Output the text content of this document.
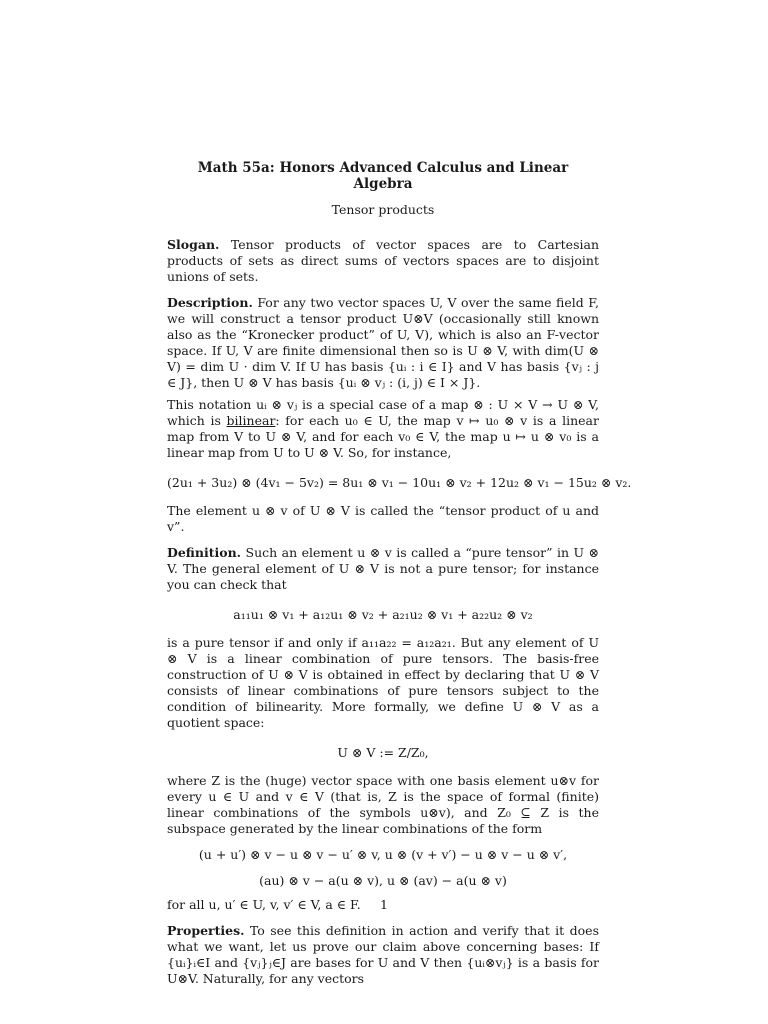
Math 55a: Honors Advanced Calculus and Linear Algebra

Tensor products

Slogan. Tensor products of vector spaces are to Cartesian products of sets as direct sums of vectors spaces are to disjoint unions of sets.

Description. For any two vector spaces U, V over the same field F, we will construct a tensor product U⊗V (occasionally still known also as the “Kronecker product” of U, V), which is also an F-vector space. If U, V are finite dimensional then so is U ⊗ V, with dim(U ⊗ V) = dim U · dim V. If U has basis {uᵢ : i ∈ I} and V has basis {vⱼ : j ∈ J}, then U ⊗ V has basis {uᵢ ⊗ vⱼ : (i, j) ∈ I × J}.

This notation uᵢ ⊗ vⱼ is a special case of a map ⊗ : U × V → U ⊗ V, which is bilinear: for each u₀ ∈ U, the map v ↦ u₀ ⊗ v is a linear map from V to U ⊗ V, and for each v₀ ∈ V, the map u ↦ u ⊗ v₀ is a linear map from U to U ⊗ V. So, for instance,

(2u₁ + 3u₂) ⊗ (4v₁ − 5v₂) = 8u₁ ⊗ v₁ − 10u₁ ⊗ v₂ + 12u₂ ⊗ v₁ − 15u₂ ⊗ v₂.

The element u ⊗ v of U ⊗ V is called the “tensor product of u and v”.

Definition. Such an element u ⊗ v is called a “pure tensor” in U ⊗ V. The general element of U ⊗ V is not a pure tensor; for instance you can check that

a₁₁u₁ ⊗ v₁ + a₁₂u₁ ⊗ v₂ + a₂₁u₂ ⊗ v₁ + a₂₂u₂ ⊗ v₂

is a pure tensor if and only if a₁₁a₂₂ = a₁₂a₂₁. But any element of U ⊗ V is a linear combination of pure tensors. The basis-free construction of U ⊗ V is obtained in effect by declaring that U ⊗ V consists of linear combinations of pure tensors subject to the condition of bilinearity. More formally, we define U ⊗ V as a quotient space:

U ⊗ V := Z/Z₀,

where Z is the (huge) vector space with one basis element u⊗v for every u ∈ U and v ∈ V (that is, Z is the space of formal (finite) linear combinations of the symbols u⊗v), and Z₀ ⊆ Z is the subspace generated by the linear combinations of the form

(u + u′) ⊗ v − u ⊗ v − u′ ⊗ v, u ⊗ (v + v′) − u ⊗ v − u ⊗ v′,
(au) ⊗ v − a(u ⊗ v), u ⊗ (av) − a(u ⊗ v)

for all u, u′ ∈ U, v, v′ ∈ V, a ∈ F.

Properties. To see this definition in action and verify that it does what we want, let us prove our claim above concerning bases: If {uᵢ}ᵢ∈I and {vⱼ}ⱼ∈J are bases for U and V then {uᵢ⊗vⱼ} is a basis for U⊗V. Naturally, for any vectors

1
